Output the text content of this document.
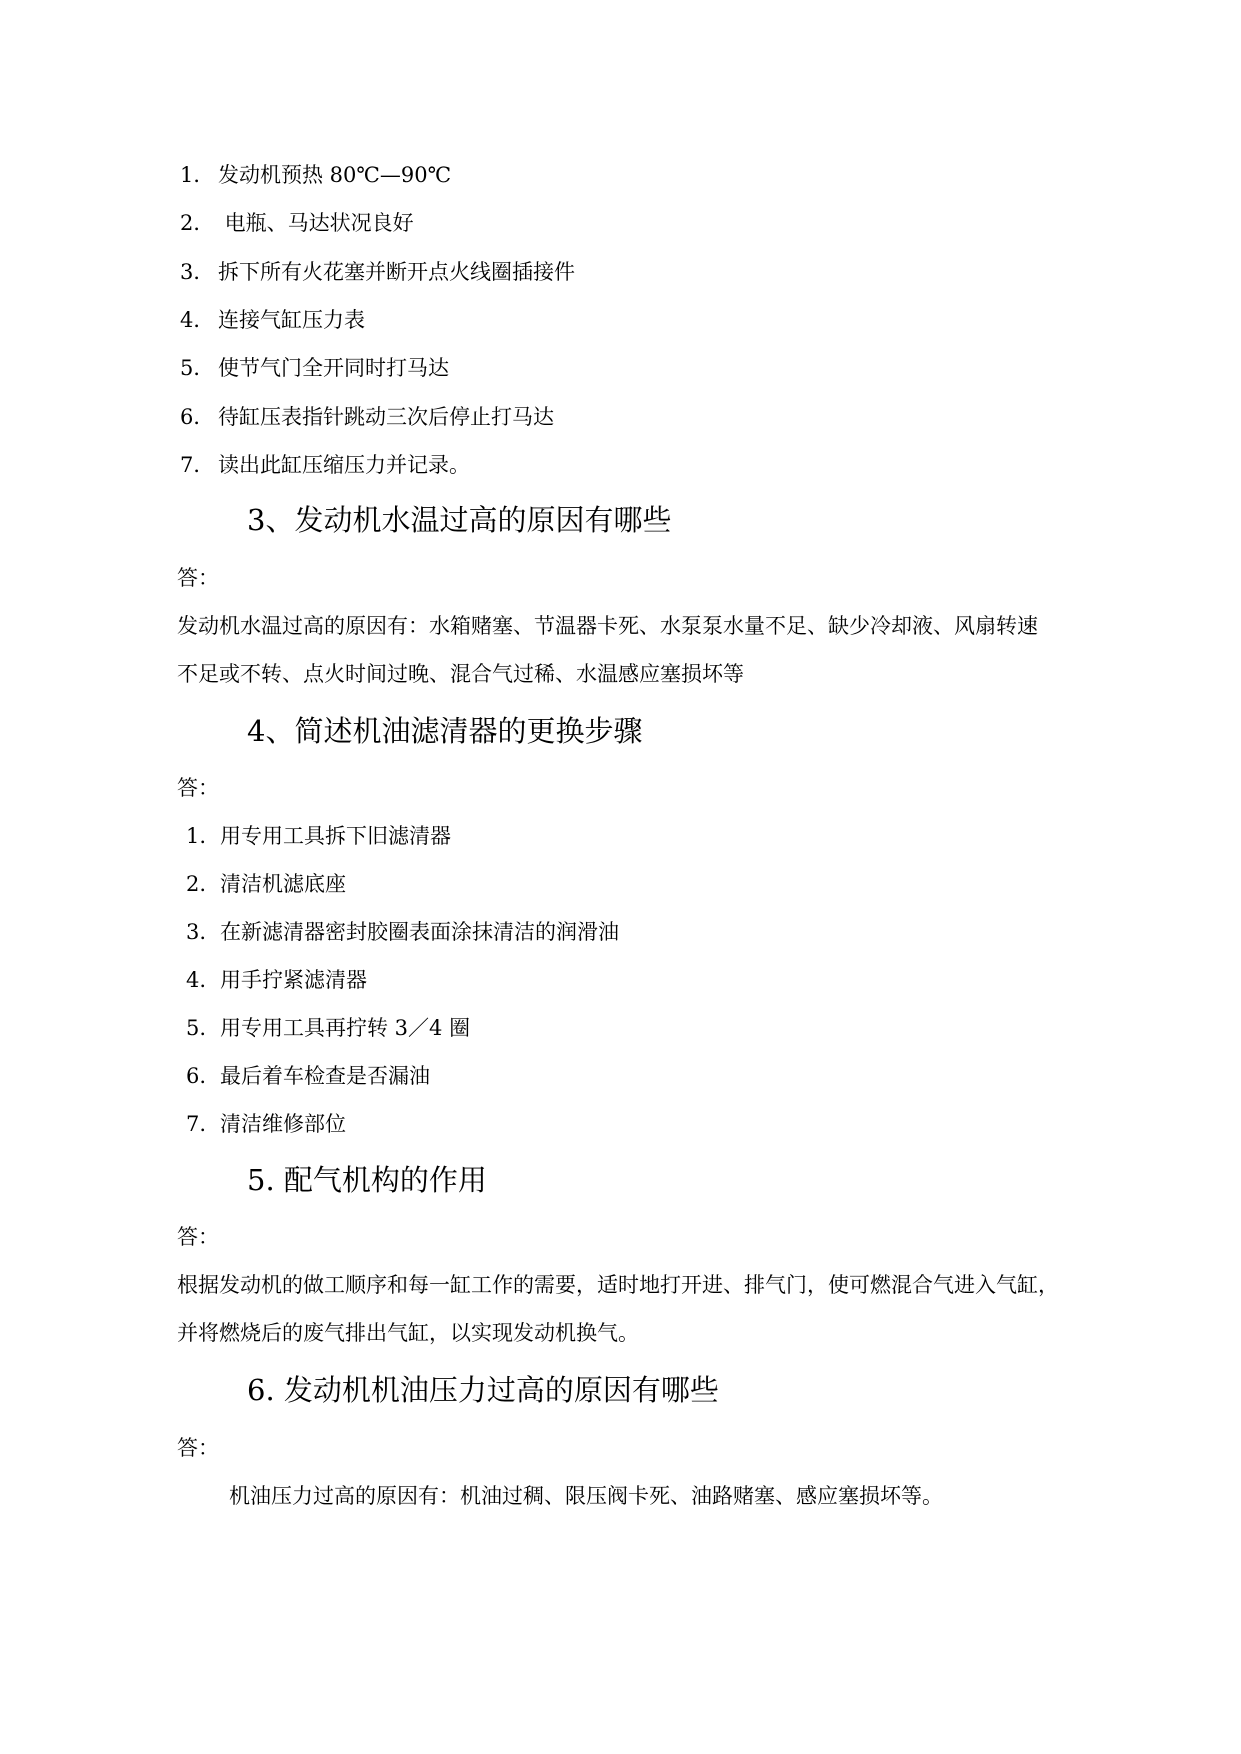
1． 发动机预热 80℃—90℃
2． 电瓶、马达状况良好
3． 拆下所有火花塞并断开点火线圈插接件
4． 连接气缸压力表
5． 使节气门全开同时打马达
6． 待缸压表指针跳动三次后停止打马达
7． 读出此缸压缩压力并记录。
3、发动机水温过高的原因有哪些
答：
发动机水温过高的原因有：水箱赌塞、节温器卡死、水泵泵水量不足、缺少冷却液、风扇转速
不足或不转、点火时间过晚、混合气过稀、水温感应塞损坏等
4、简述机油滤清器的更换步骤
答：
1. 用专用工具拆下旧滤清器
2. 清洁机滤底座
3. 在新滤清器密封胶圈表面涂抹清洁的润滑油
4. 用手拧紧滤清器
5. 用专用工具再拧转 3／4 圈
6. 最后着车检查是否漏油
7. 清洁维修部位
5. 配气机构的作用
答：
根据发动机的做工顺序和每一缸工作的需要，适时地打开进、排气门，使可燃混合气进入气缸，
并将燃烧后的废气排出气缸，以实现发动机换气。
6. 发动机机油压力过高的原因有哪些
答：
机油压力过高的原因有：机油过稠、限压阀卡死、油路赌塞、感应塞损坏等。
